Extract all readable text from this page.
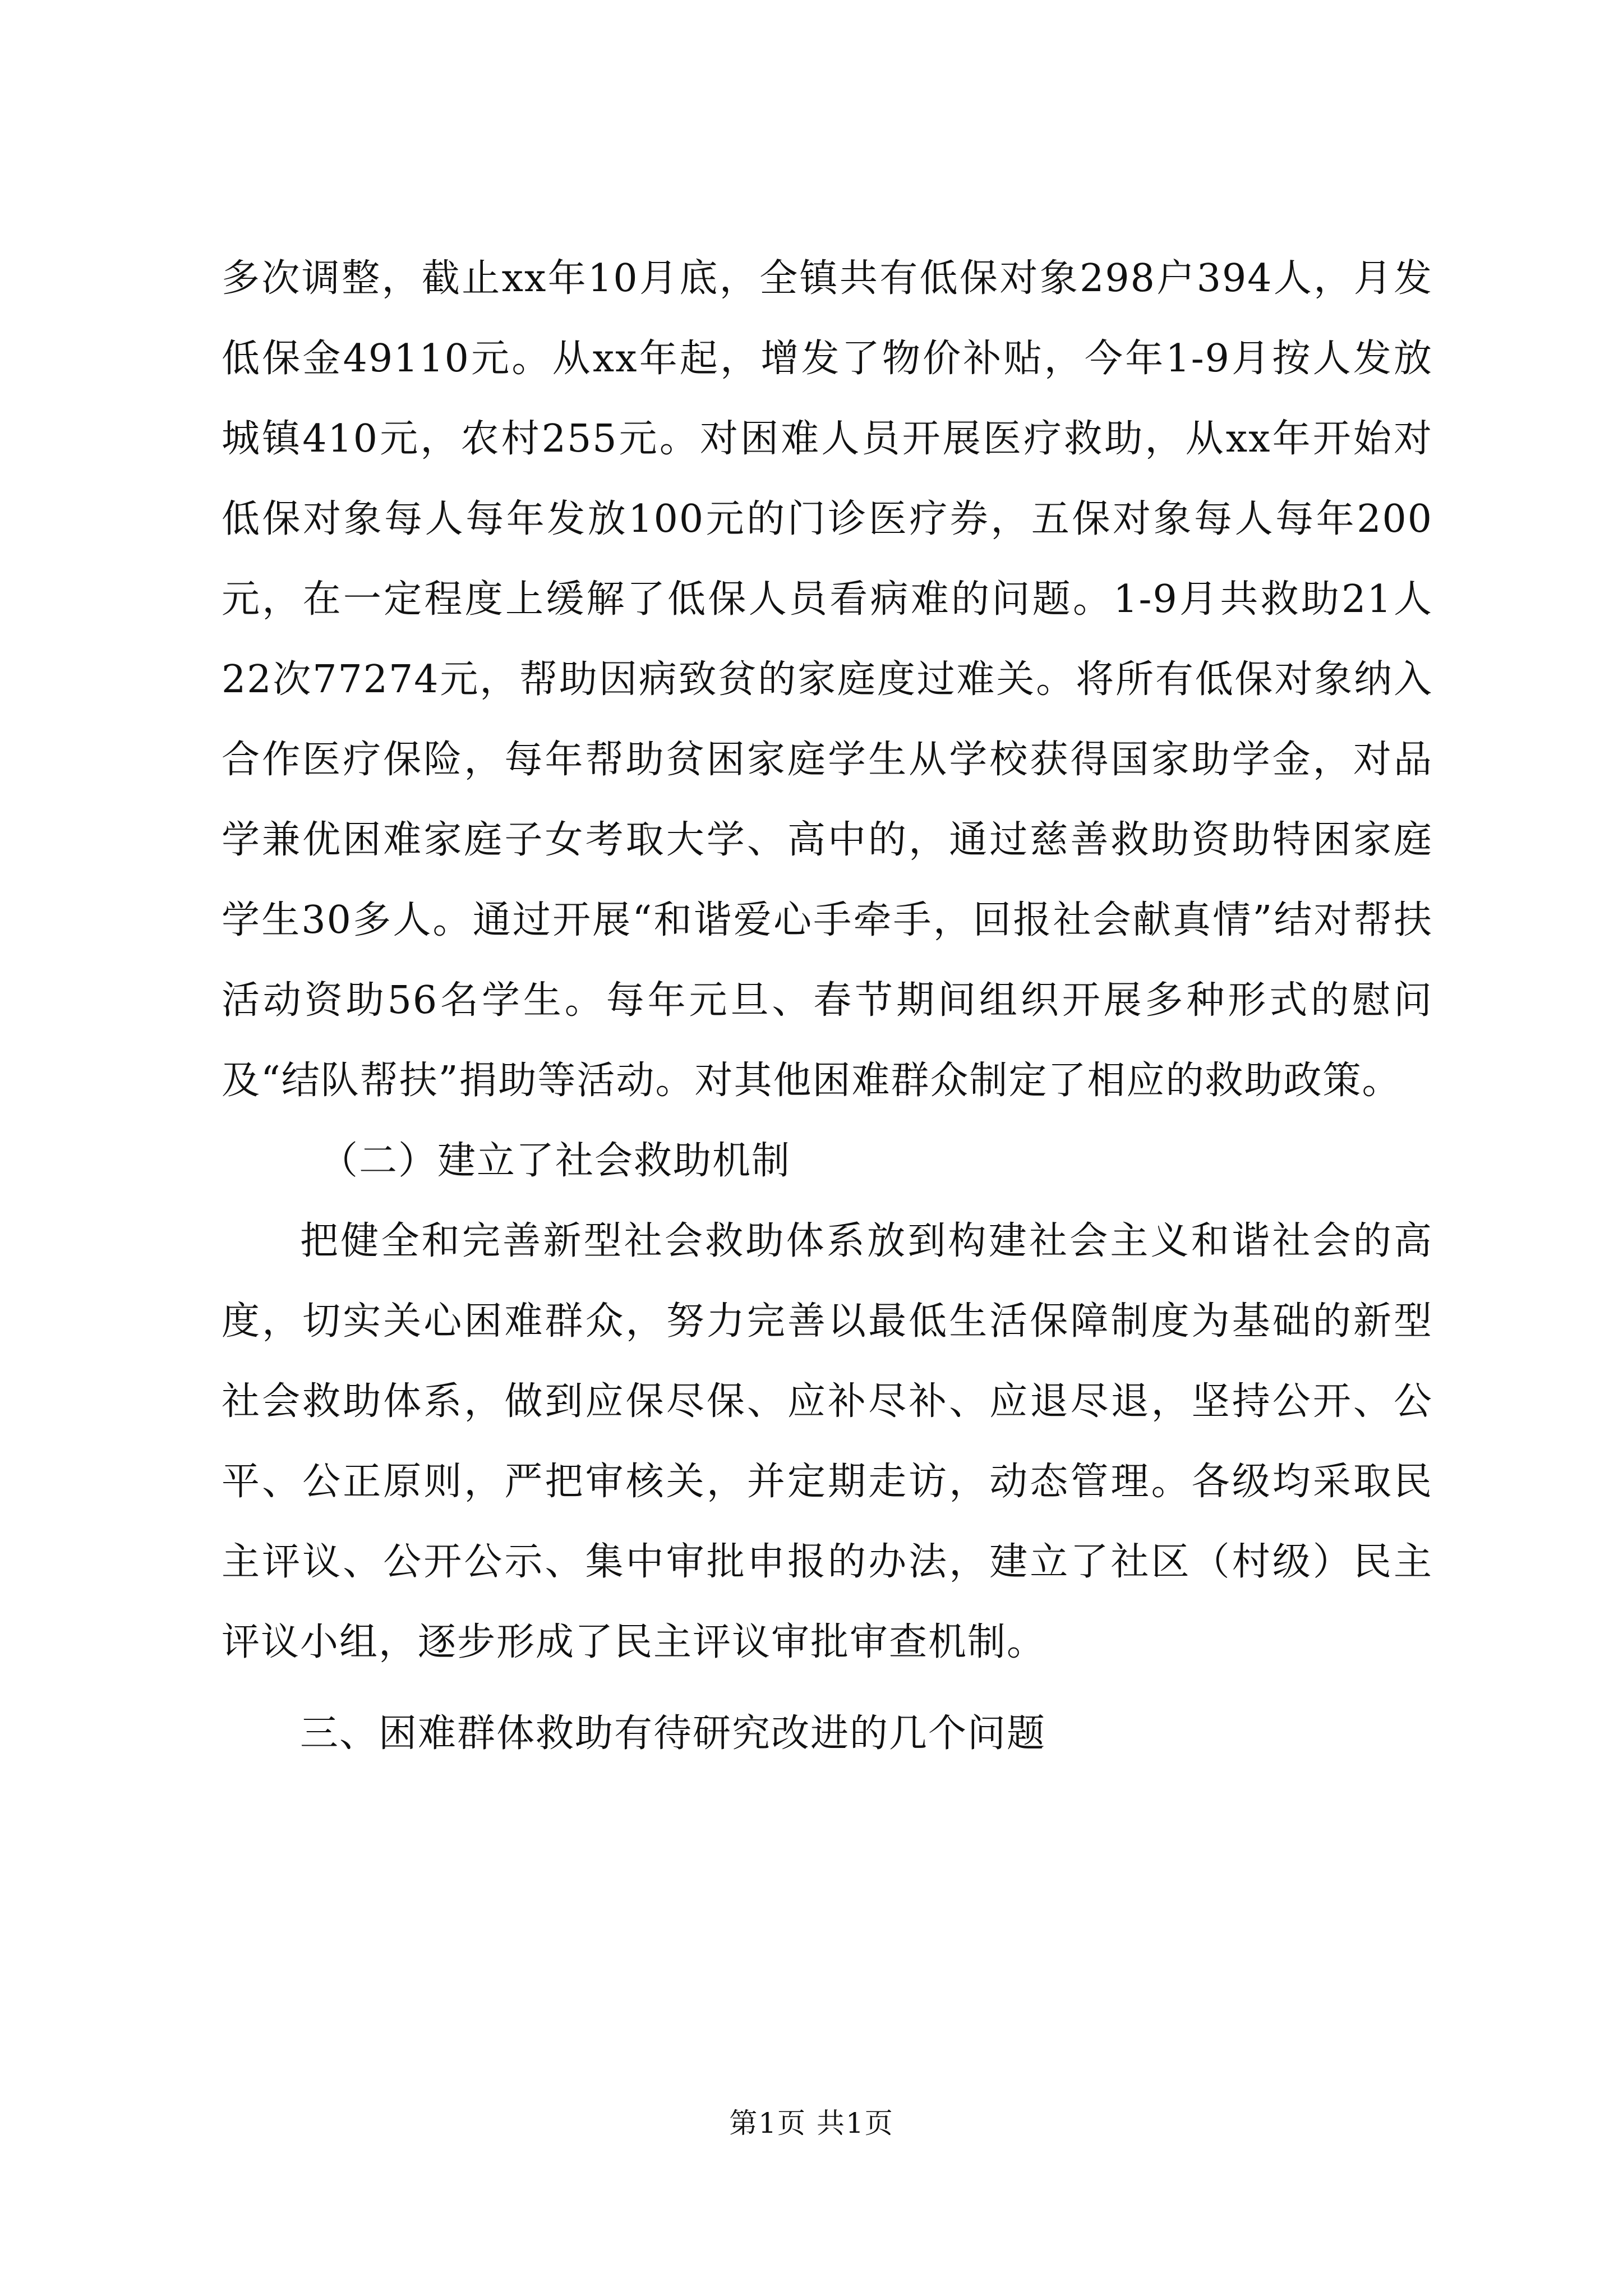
多次调整，截止xx年10月底，全镇共有低保对象298户394人，月发低保金49110元。从xx年起，增发了物价补贴，今年1-9月按人发放城镇410元，农村255元。对困难人员开展医疗救助，从xx年开始对低保对象每人每年发放100元的门诊医疗券，五保对象每人每年200元，在一定程度上缓解了低保人员看病难的问题。1-9月共救助21人22次77274元，帮助因病致贫的家庭度过难关。将所有低保对象纳入合作医疗保险，每年帮助贫困家庭学生从学校获得国家助学金，对品学兼优困难家庭子女考取大学、高中的，通过慈善救助资助特困家庭学生30多人。通过开展“和谐爱心手牵手，回报社会献真情”结对帮扶活动资助56名学生。每年元旦、春节期间组织开展多种形式的慰问及“结队帮扶”捐助等活动。对其他困难群众制定了相应的救助政策。

（二）建立了社会救助机制

把健全和完善新型社会救助体系放到构建社会主义和谐社会的高度，切实关心困难群众，努力完善以最低生活保障制度为基础的新型社会救助体系，做到应保尽保、应补尽补、应退尽退，坚持公开、公平、公正原则，严把审核关，并定期走访，动态管理。各级均采取民主评议、公开公示、集中审批申报的办法，建立了社区（村级）民主评议小组，逐步形成了民主评议审批审查机制。

三、困难群体救助有待研究改进的几个问题

第1页 共1页
